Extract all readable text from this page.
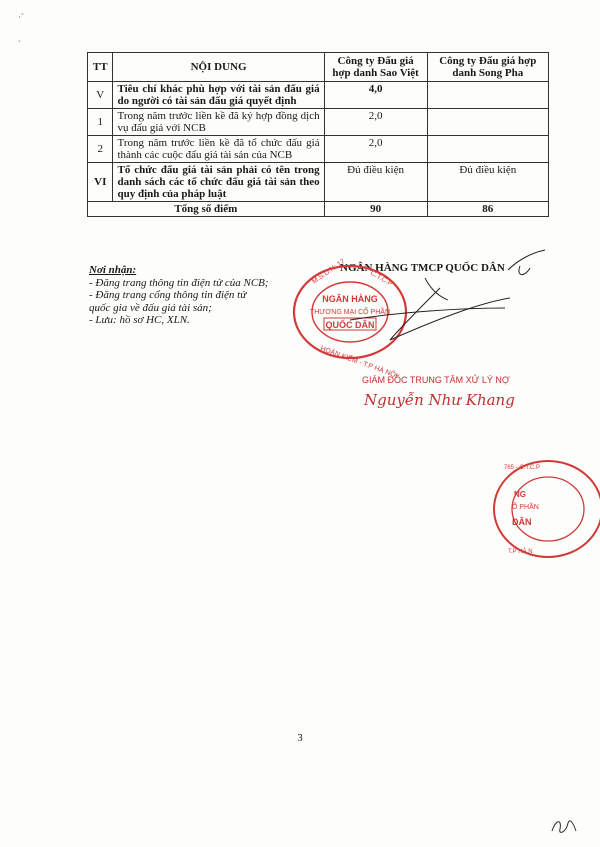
·ˋ

ˏ
TT	NỘI DUNG	Công ty Đấu giá hợp danh Sao Việt	Công ty Đấu giá hợp danh Song Pha
V	Tiêu chí khác phù hợp với tài sản đấu giá do người có tài sản đấu giá quyết định	4,0	
1	Trong năm trước liền kề đã ký hợp đồng dịch vụ đấu giá với NCB	2,0	
2	Trong năm trước liền kề đã tổ chức đấu giá thành các cuộc đấu giá tài sản của NCB	2,0	
VI	Tổ chức đấu giá tài sản phải có tên trong danh sách các tổ chức đấu giá tài sản theo quy định của pháp luật	Đủ điều kiện	Đủ điều kiện
Tổng số điểm		90	86
Nơi nhận:
- Đăng trang thông tin điện tử của NCB;
- Đăng trang cổng thông tin điện tử quốc gia về đấu giá tài sản;
- Lưu: hồ sơ HC, XLN.
NGÂN HÀNG TMCP QUỐC DÂN
NGÂN HÀNG
THƯƠNG MẠI CỔ PHẦN
QUỐC DÂN
M.S.D.N: 17	C.T.C.P
HOÀN KIẾM - T.P HÀ NỘI
GIÁM ĐỐC TRUNG TÂM XỬ LÝ NỢ
Nguyễn Như Khang
NG
Ổ PHẦN
DÂN
765 - C.T.C.P
T.P HÀ N
3
